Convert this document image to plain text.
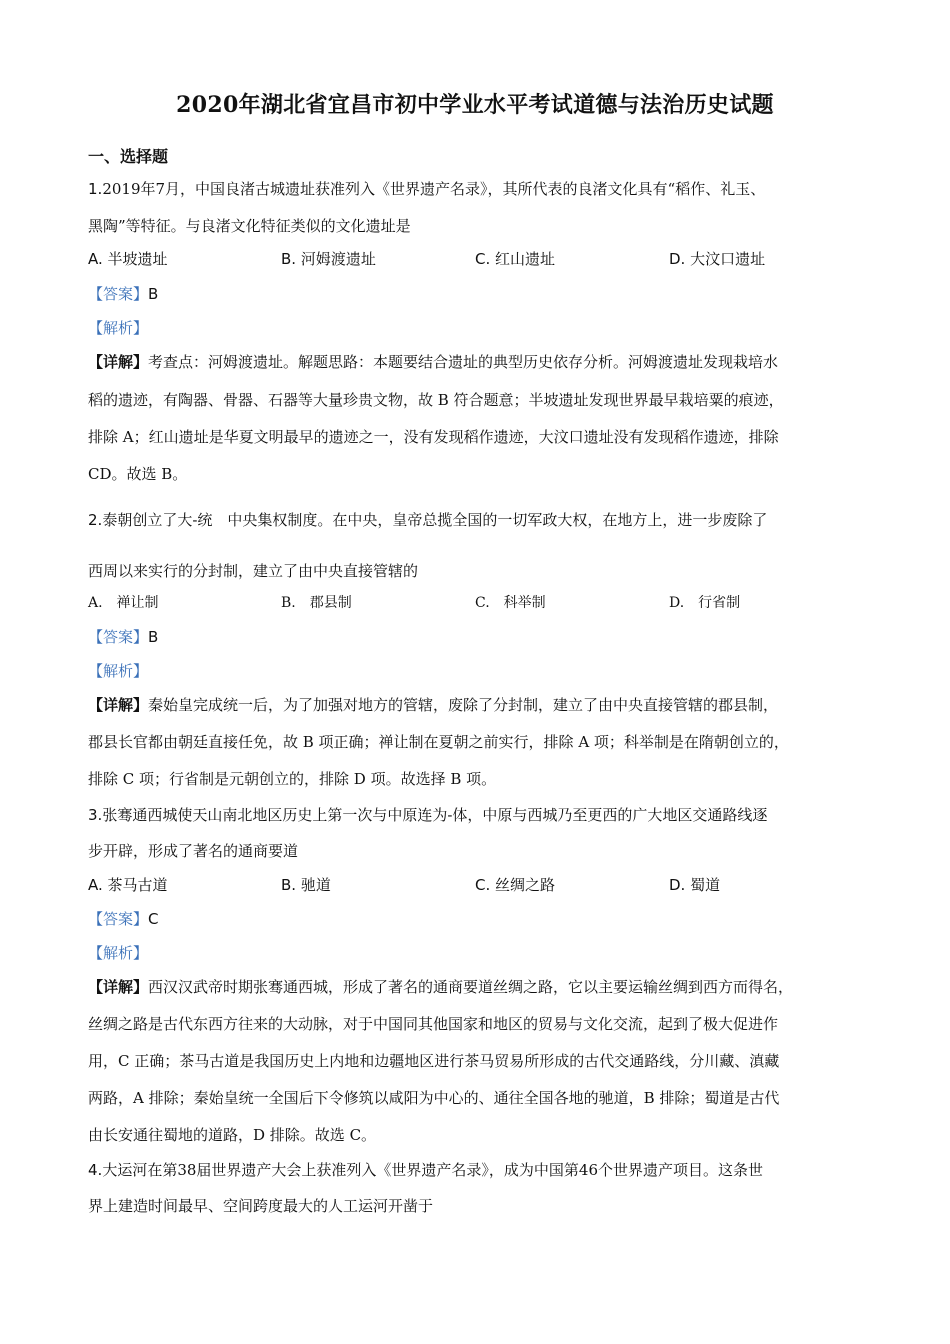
2020年湖北省宜昌市初中学业水平考试道德与法治历史试题
一、选择题
1.2019年7月，中国良渚古城遗址获准列入《世界遗产名录》，其所代表的良渚文化具有“稻作、礼玉、
黑陶”等特征。与良渚文化特征类似的文化遗址是
A. 半坡遗址	B. 河姆渡遗址	C. 红山遗址	D. 大汶口遗址
【答案】B
【解析】
【详解】考查点：河姆渡遗址。解题思路：本题要结合遗址的典型历史依存分析。河姆渡遗址发现栽培水
稻的遗迹，有陶器、骨器、石器等大量珍贵文物，故 B 符合题意；半坡遗址发现世界最早栽培粟的痕迹，
排除 A；红山遗址是华夏文明最早的遗迹之一，没有发现稻作遗迹，大汶口遗址没有发现稻作遗迹，排除
CD。故选 B。
2.泰朝创立了大-统　中央集权制度。在中央，皇帝总揽全国的一切军政大权，在地方上，进一步废除了
西周以来实行的分封制，建立了由中央直接管辖的
A.　禅让制	B.　郡县制	C.　科举制	D.　行省制
【答案】B
【解析】
【详解】秦始皇完成统一后，为了加强对地方的管辖，废除了分封制，建立了由中央直接管辖的郡县制，
郡县长官都由朝廷直接任免，故 B 项正确；禅让制在夏朝之前实行，排除 A 项；科举制是在隋朝创立的，
排除 C 项；行省制是元朝创立的，排除 D 项。故选择 B 项。
3.张骞通西城使天山南北地区历史上第一次与中原连为-体，中原与西城乃至更西的广大地区交通路线逐
步开辟，形成了著名的通商要道
A. 茶马古道	B. 驰道	C. 丝绸之路	D. 蜀道
【答案】C
【解析】
【详解】西汉汉武帝时期张骞通西城，形成了著名的通商要道丝绸之路，它以主要运输丝绸到西方而得名，
丝绸之路是古代东西方往来的大动脉，对于中国同其他国家和地区的贸易与文化交流，起到了极大促进作
用，C 正确；茶马古道是我国历史上内地和边疆地区进行茶马贸易所形成的古代交通路线，分川藏、滇藏
两路，A 排除；秦始皇统一全国后下令修筑以咸阳为中心的、通往全国各地的驰道，B 排除；蜀道是古代
由长安通往蜀地的道路，D 排除。故选 C。
4.大运河在第38届世界遗产大会上获准列入《世界遗产名录》，成为中国第46个世界遗产项目。这条世
界上建造时间最早、空间跨度最大的人工运河开凿于
